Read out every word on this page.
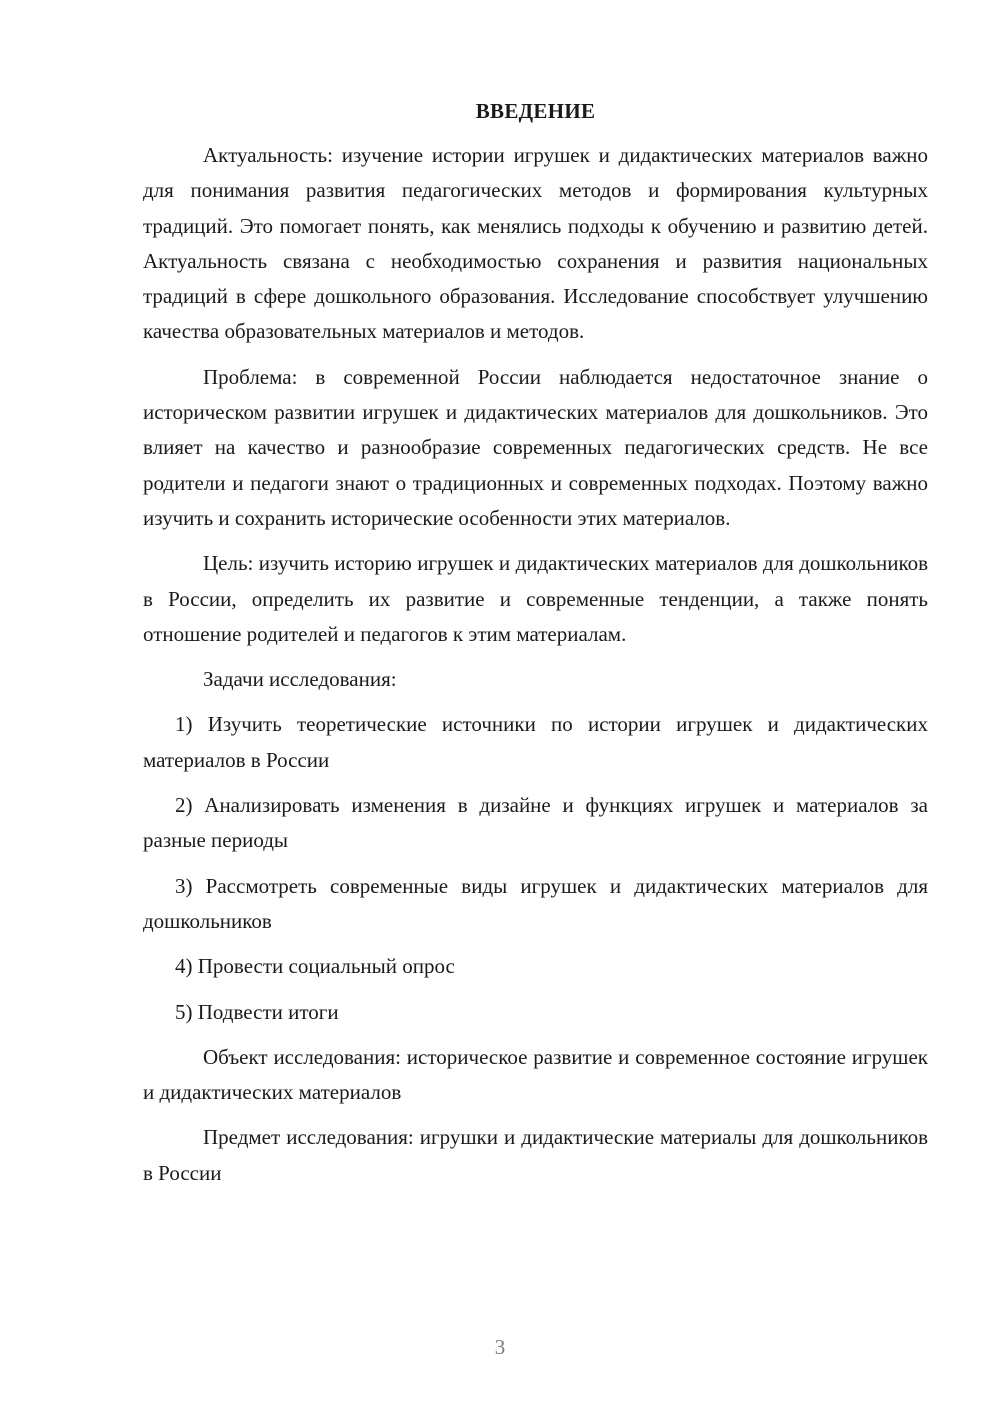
ВВЕДЕНИЕ

Актуальность: изучение истории игрушек и дидактических материалов важно для понимания развития педагогических методов и формирования культурных традиций. Это помогает понять, как менялись подходы к обучению и развитию детей. Актуальность связана с необходимостью сохранения и развития национальных традиций в сфере дошкольного образования. Исследование способствует улучшению качества образовательных материалов и методов.

Проблема: в современной России наблюдается недостаточное знание о историческом развитии игрушек и дидактических материалов для дошкольников. Это влияет на качество и разнообразие современных педагогических средств. Не все родители и педагоги знают о традиционных и современных подходах. Поэтому важно изучить и сохранить исторические особенности этих материалов.

Цель: изучить историю игрушек и дидактических материалов для дошкольников в России, определить их развитие и современные тенденции, а также понять отношение родителей и педагогов к этим материалам.

Задачи исследования:

1) Изучить теоретические источники по истории игрушек и дидактических материалов в России

2) Анализировать изменения в дизайне и функциях игрушек и материалов за разные периоды

3) Рассмотреть современные виды игрушек и дидактических материалов для дошкольников

4) Провести социальный опрос

5) Подвести итоги

Объект исследования: историческое развитие и современное состояние игрушек и дидактических материалов

Предмет исследования: игрушки и дидактические материалы для дошкольников в России

3
